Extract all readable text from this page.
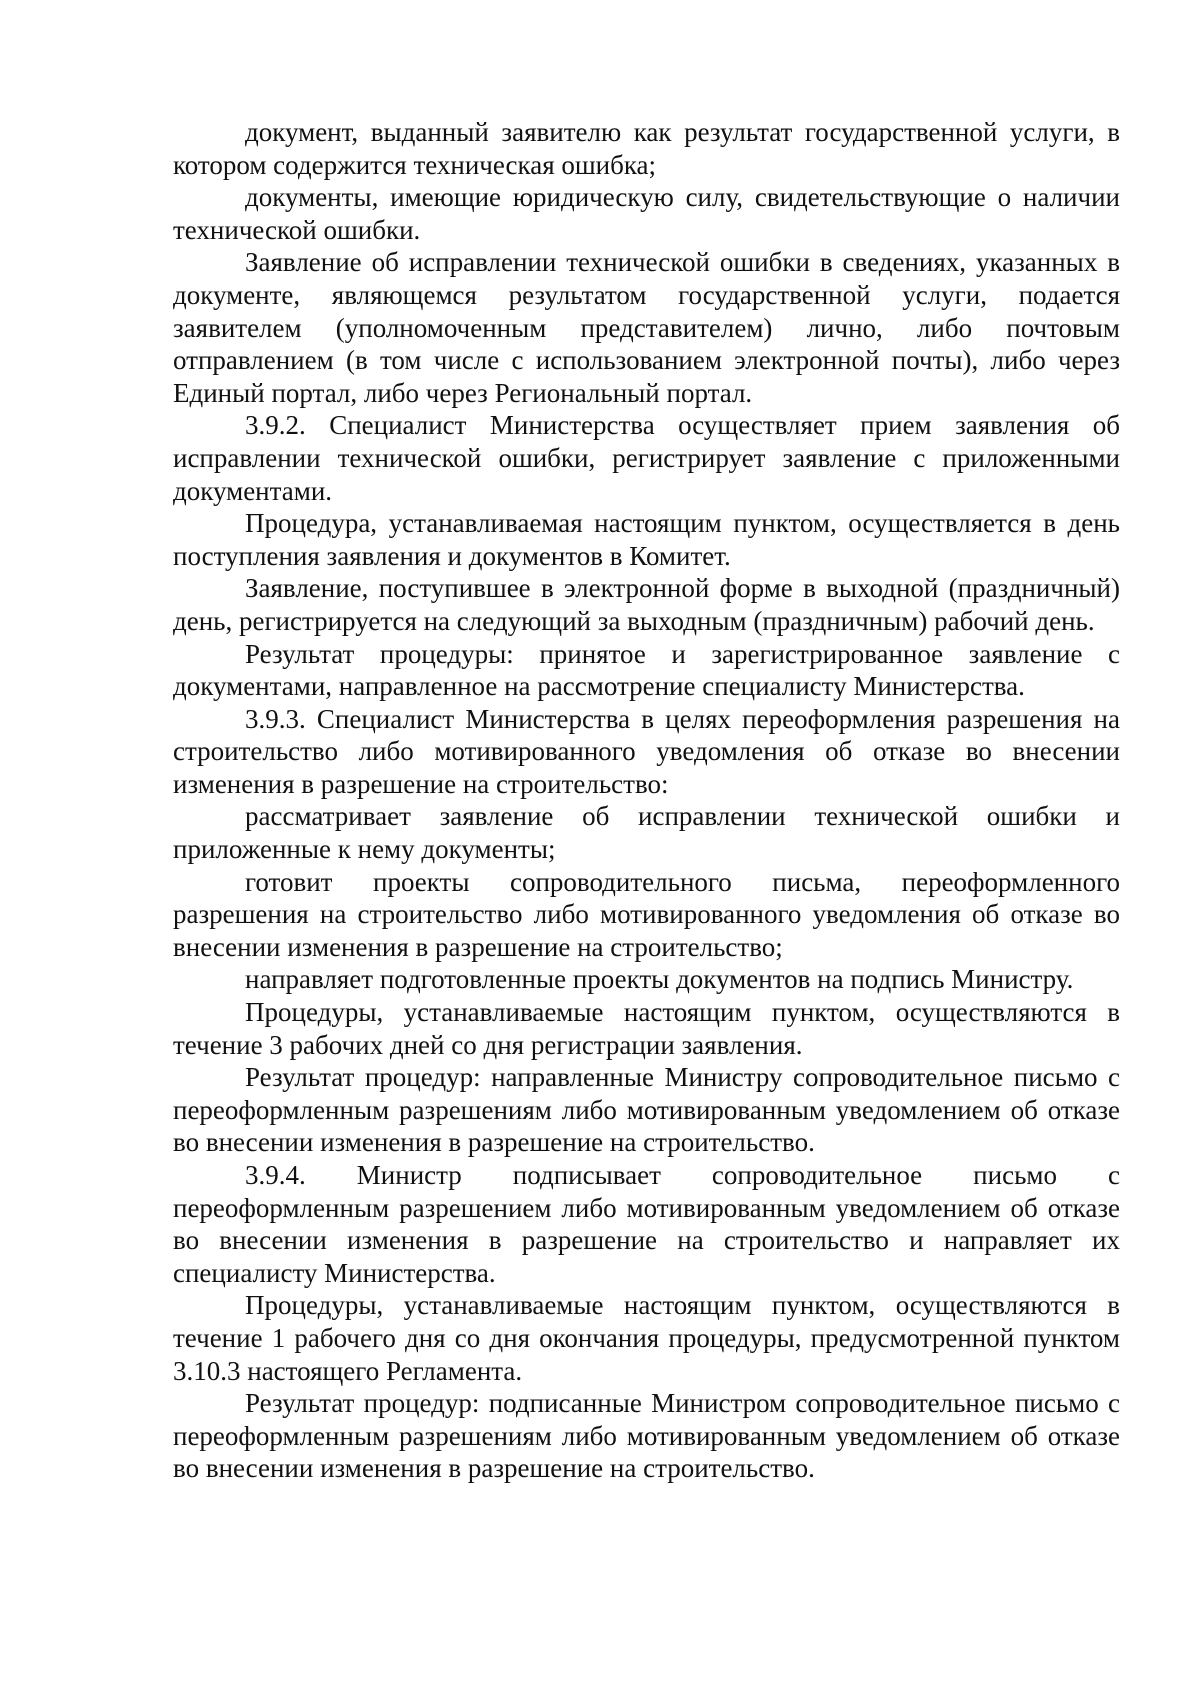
документ, выданный заявителю как результат государственной услуги, в котором содержится техническая ошибка;

документы, имеющие юридическую силу, свидетельствующие о наличии технической ошибки.

Заявление об исправлении технической ошибки в сведениях, указанных в документе, являющемся результатом государственной услуги, подается заявителем (уполномоченным представителем) лично, либо почтовым отправлением (в том числе с использованием электронной почты), либо через Единый портал, либо через Региональный портал.

3.9.2. Специалист Министерства осуществляет прием заявления об исправлении технической ошибки, регистрирует заявление с приложенными документами.

Процедура, устанавливаемая настоящим пунктом, осуществляется в день поступления заявления и документов в Комитет.

Заявление, поступившее в электронной форме в выходной (праздничный) день, регистрируется на следующий за выходным (праздничным) рабочий день.

Результат процедуры: принятое и зарегистрированное заявление с документами, направленное на рассмотрение специалисту Министерства.

3.9.3. Специалист Министерства в целях переоформления разрешения на строительство либо мотивированного уведомления об отказе во внесении изменения в разрешение на строительство:

рассматривает заявление об исправлении технической ошибки и приложенные к нему документы;

готовит проекты сопроводительного письма, переоформленного разрешения на строительство либо мотивированного уведомления об отказе во внесении изменения в разрешение на строительство;

направляет подготовленные проекты документов на подпись Министру.

Процедуры, устанавливаемые настоящим пунктом, осуществляются в течение 3 рабочих дней со дня регистрации заявления.

Результат процедур: направленные Министру сопроводительное письмо с переоформленным разрешениям либо мотивированным уведомлением об отказе во внесении изменения в разрешение на строительство.

3.9.4. Министр подписывает сопроводительное письмо с переоформленным разрешением либо мотивированным уведомлением об отказе во внесении изменения в разрешение на строительство и направляет их специалисту Министерства.

Процедуры, устанавливаемые настоящим пунктом, осуществляются в течение 1 рабочего дня со дня окончания процедуры, предусмотренной пунктом 3.10.3 настоящего Регламента.

Результат процедур: подписанные Министром сопроводительное письмо с переоформленным разрешениям либо мотивированным уведомлением об отказе во внесении изменения в разрешение на строительство.
